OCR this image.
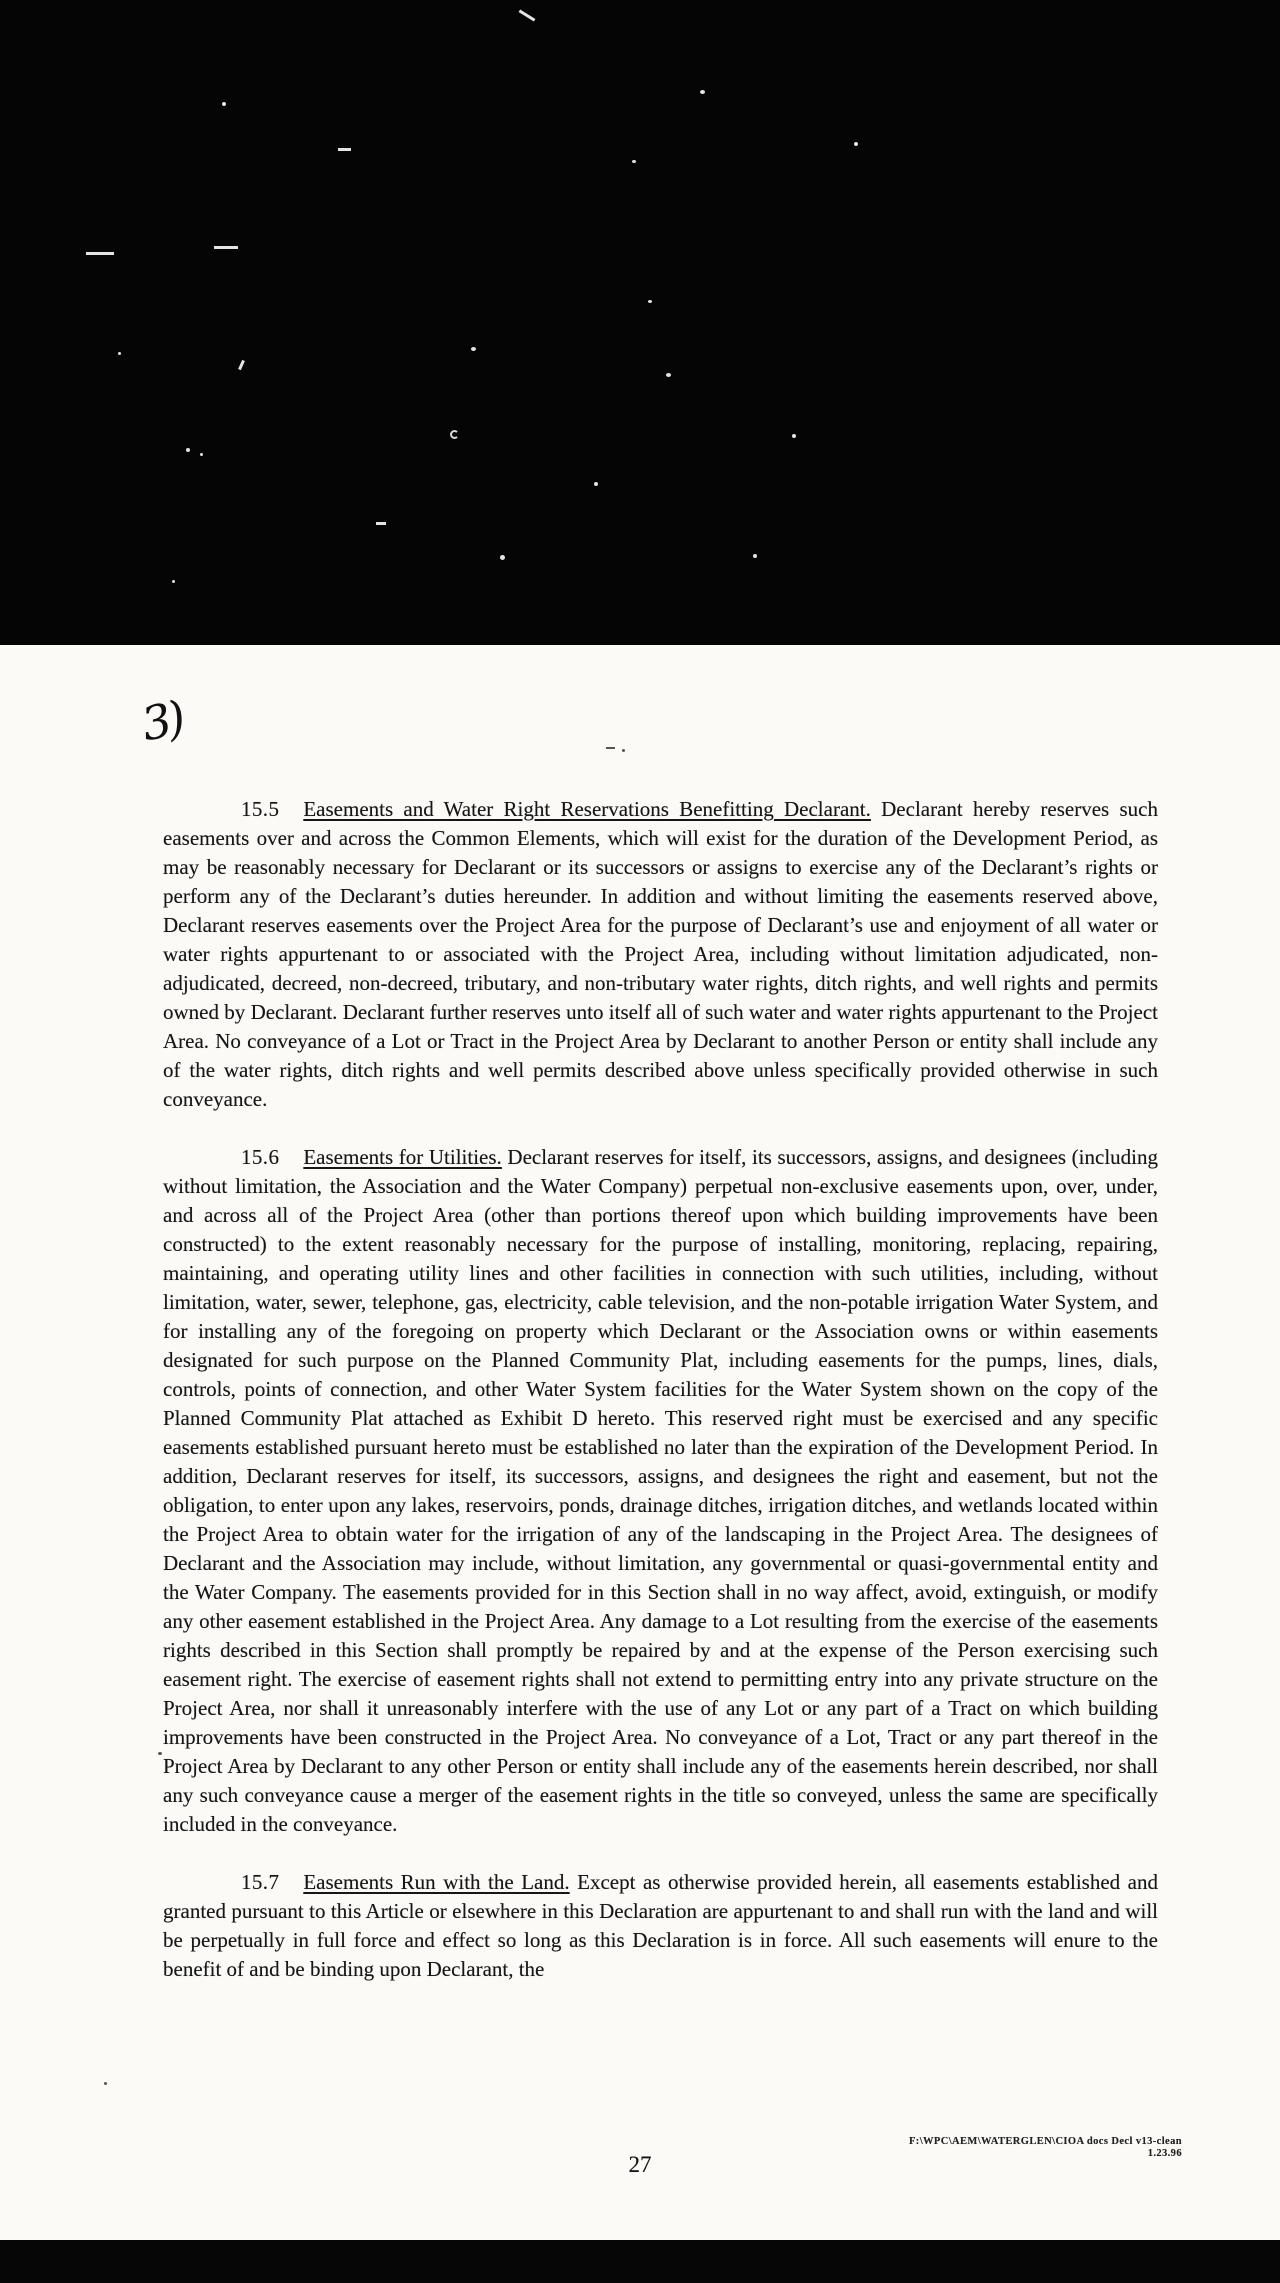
3)

15.5 Easements and Water Right Reservations Benefitting Declarant. Declarant hereby reserves such easements over and across the Common Elements, which will exist for the duration of the Development Period, as may be reasonably necessary for Declarant or its successors or assigns to exercise any of the Declarant’s rights or perform any of the Declarant’s duties hereunder. In addition and without limiting the easements reserved above, Declarant reserves easements over the Project Area for the purpose of Declarant’s use and enjoyment of all water or water rights appurtenant to or associated with the Project Area, including without limitation adjudicated, non-adjudicated, decreed, non-decreed, tributary, and non-tributary water rights, ditch rights, and well rights and permits owned by Declarant. Declarant further reserves unto itself all of such water and water rights appurtenant to the Project Area. No conveyance of a Lot or Tract in the Project Area by Declarant to another Person or entity shall include any of the water rights, ditch rights and well permits described above unless specifically provided otherwise in such conveyance.

15.6 Easements for Utilities. Declarant reserves for itself, its successors, assigns, and designees (including without limitation, the Association and the Water Company) perpetual non-exclusive easements upon, over, under, and across all of the Project Area (other than portions thereof upon which building improvements have been constructed) to the extent reasonably necessary for the purpose of installing, monitoring, replacing, repairing, maintaining, and operating utility lines and other facilities in connection with such utilities, including, without limitation, water, sewer, telephone, gas, electricity, cable television, and the non-potable irrigation Water System, and for installing any of the foregoing on property which Declarant or the Association owns or within easements designated for such purpose on the Planned Community Plat, including easements for the pumps, lines, dials, controls, points of connection, and other Water System facilities for the Water System shown on the copy of the Planned Community Plat attached as Exhibit D hereto. This reserved right must be exercised and any specific easements established pursuant hereto must be established no later than the expiration of the Development Period. In addition, Declarant reserves for itself, its successors, assigns, and designees the right and easement, but not the obligation, to enter upon any lakes, reservoirs, ponds, drainage ditches, irrigation ditches, and wetlands located within the Project Area to obtain water for the irrigation of any of the landscaping in the Project Area. The designees of Declarant and the Association may include, without limitation, any governmental or quasi-governmental entity and the Water Company. The easements provided for in this Section shall in no way affect, avoid, extinguish, or modify any other easement established in the Project Area. Any damage to a Lot resulting from the exercise of the easements rights described in this Section shall promptly be repaired by and at the expense of the Person exercising such easement right. The exercise of easement rights shall not extend to permitting entry into any private structure on the Project Area, nor shall it unreasonably interfere with the use of any Lot or any part of a Tract on which building improvements have been constructed in the Project Area. No conveyance of a Lot, Tract or any part thereof in the Project Area by Declarant to any other Person or entity shall include any of the easements herein described, nor shall any such conveyance cause a merger of the easement rights in the title so conveyed, unless the same are specifically included in the conveyance.

15.7 Easements Run with the Land. Except as otherwise provided herein, all easements established and granted pursuant to this Article or elsewhere in this Declaration are appurtenant to and shall run with the land and will be perpetually in full force and effect so long as this Declaration is in force. All such easements will enure to the benefit of and be binding upon Declarant, the

F:\WPC\AEM\WATERGLEN\CIOA docs Decl v13-clean
1.23.96
27
